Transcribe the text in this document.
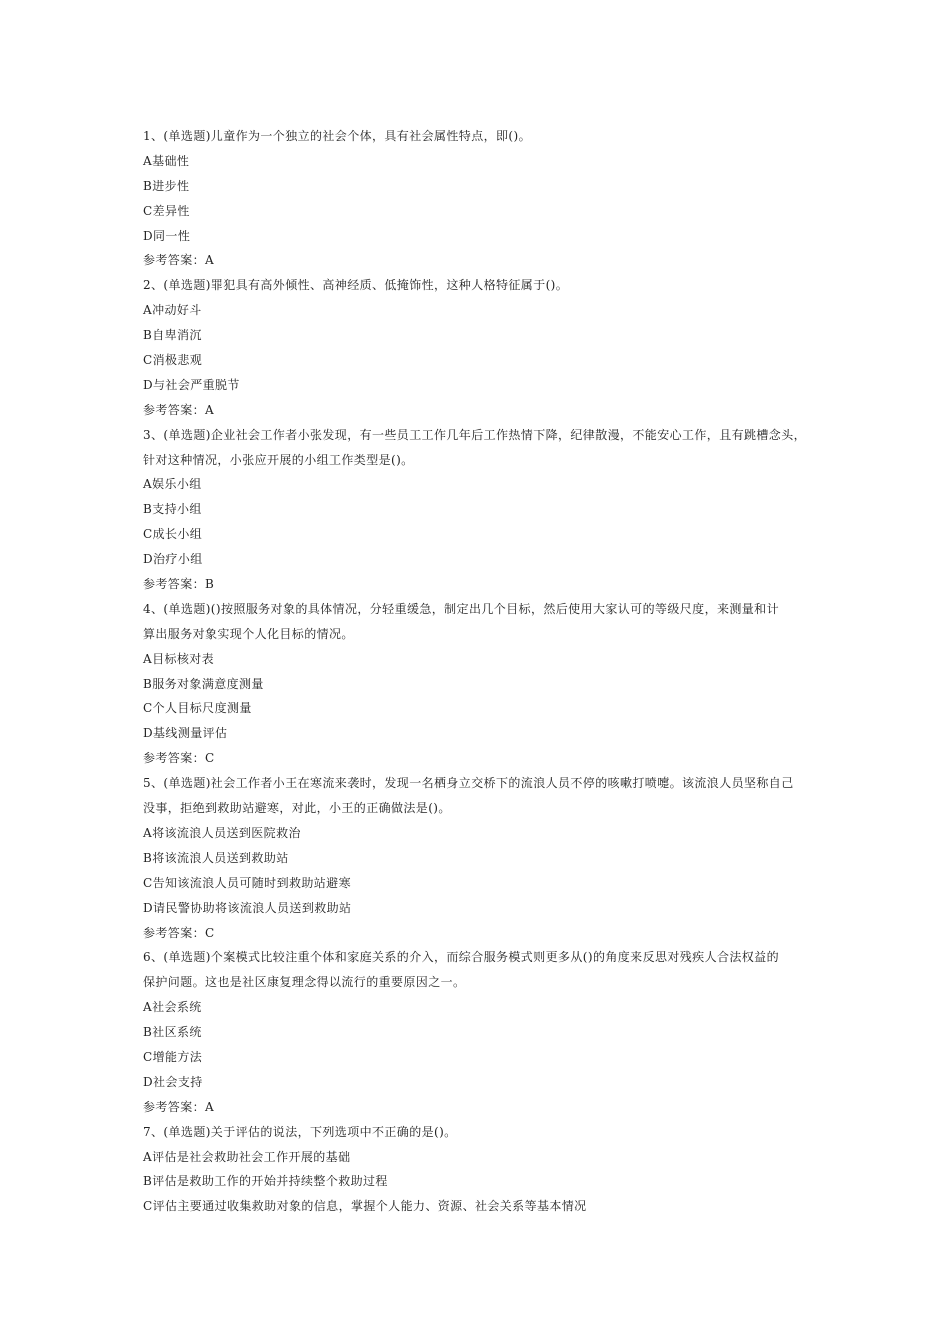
1、(单选题)儿童作为一个独立的社会个体，具有社会属性特点，即()。
A基础性
B进步性
C差异性
D同一性
参考答案：A
2、(单选题)罪犯具有高外倾性、高神经质、低掩饰性，这种人格特征属于()。
A冲动好斗
B自卑消沉
C消极悲观
D与社会严重脱节
参考答案：A
3、(单选题)企业社会工作者小张发现，有一些员工工作几年后工作热情下降，纪律散漫，不能安心工作，且有跳槽念头，
针对这种情况，小张应开展的小组工作类型是()。
A娱乐小组
B支持小组
C成长小组
D治疗小组
参考答案：B
4、(单选题)()按照服务对象的具体情况，分轻重缓急，制定出几个目标，然后使用大家认可的等级尺度，来测量和计
算出服务对象实现个人化目标的情况。
A目标核对表
B服务对象满意度测量
C个人目标尺度测量
D基线测量评估
参考答案：C
5、(单选题)社会工作者小王在寒流来袭时，发现一名栖身立交桥下的流浪人员不停的咳嗽打喷嚏。该流浪人员坚称自己
没事，拒绝到救助站避寒，对此，小王的正确做法是()。
A将该流浪人员送到医院救治
B将该流浪人员送到救助站
C告知该流浪人员可随时到救助站避寒
D请民警协助将该流浪人员送到救助站
参考答案：C
6、(单选题)个案模式比较注重个体和家庭关系的介入，而综合服务模式则更多从()的角度来反思对残疾人合法权益的
保护问题。这也是社区康复理念得以流行的重要原因之一。
A社会系统
B社区系统
C增能方法
D社会支持
参考答案：A
7、(单选题)关于评估的说法，下列选项中不正确的是()。
A评估是社会救助社会工作开展的基础
B评估是救助工作的开始并持续整个救助过程
C评估主要通过收集救助对象的信息，掌握个人能力、资源、社会关系等基本情况
